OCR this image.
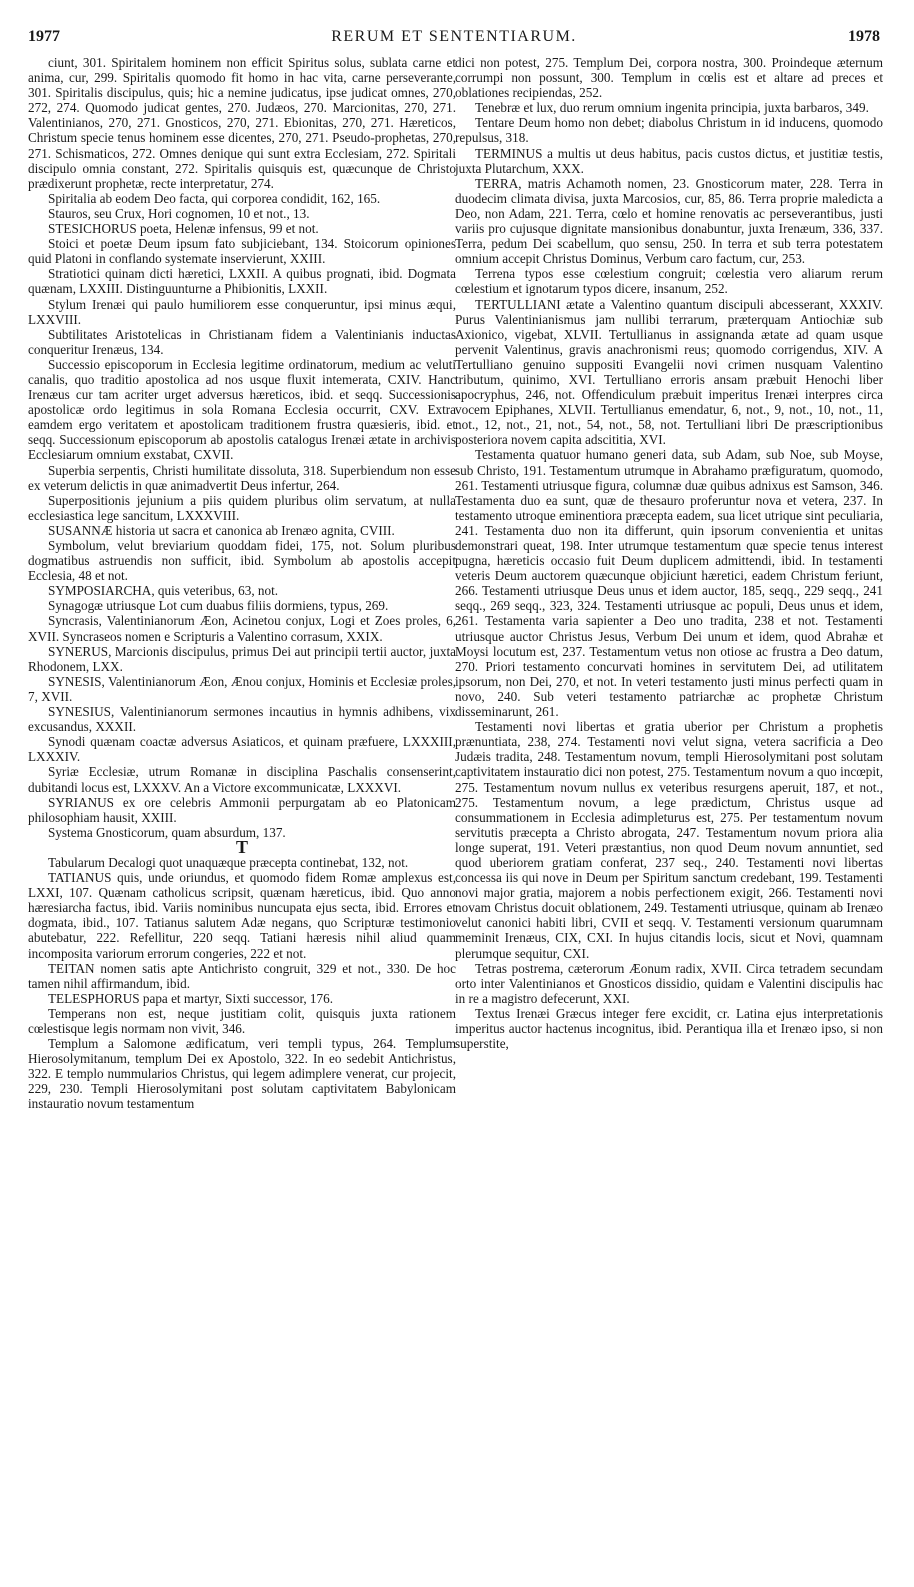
1977	RERUM ET SENTENTIARUM.	1978

ciunt, 301. Spiritalem hominem non efficit Spiritus solus, sublata carne et anima, cur, 299. Spiritalis quomodo fit homo in hac vita, carne perseverante, 301. Spiritalis discipulus, quis; hic a nemine judicatus, ipse judicat omnes, 270, 272, 274. Quomodo judicat gentes, 270. Judæos, 270. Marcionitas, 270, 271. Valentinianos, 270, 271. Gnosticos, 270, 271. Ebionitas, 270, 271. Hæreticos, Christum specie tenus hominem esse dicentes, 270, 271. Pseudo-prophetas, 270, 271. Schismaticos, 272. Omnes denique qui sunt extra Ecclesiam, 272. Spiritali discipulo omnia constant, 272. Spiritalis quisquis est, quæcunque de Christo prædixerunt prophetæ, recte interpretatur, 274.

Spiritalia ab eodem Deo facta, qui corporea condidit, 162, 165.

Stauros, seu Crux, Hori cognomen, 10 et not., 13.

STESICHORUS poeta, Helenæ infensus, 99 et not.

Stoici et poetæ Deum ipsum fato subjiciebant, 134. Stoicorum opiniones quid Platoni in conflando systemate inservierunt, XXIII.

Stratiotici quinam dicti hæretici, LXXII. A quibus prognati, ibid. Dogmata quænam, LXXIII. Distinguunturne a Phibionitis, LXXII.

Stylum Irenæi qui paulo humiliorem esse conqueruntur, ipsi minus æqui, LXXVIII.

Subtilitates Aristotelicas in Christianam fidem a Valentinianis inductas conqueritur Irenæus, 134.

Successio episcoporum in Ecclesia legitime ordinatorum, medium ac veluti canalis, quo traditio apostolica ad nos usque fluxit intemerata, CXIV. Hanc Irenæus cur tam acriter urget adversus hæreticos, ibid. et seqq. Successionis apostolicæ ordo legitimus in sola Romana Ecclesia occurrit, CXV. Extra eamdem ergo veritatem et apostolicam traditionem frustra quæsieris, ibid. et seqq. Successionum episcoporum ab apostolis catalogus Irenæi ætate in archivis Ecclesiarum omnium exstabat, CXVII.

Superbia serpentis, Christi humilitate dissoluta, 318. Superbiendum non esse ex veterum delictis in quæ animadvertit Deus infertur, 264.

Superpositionis jejunium a piis quidem pluribus olim servatum, at nulla ecclesiastica lege sancitum, LXXXVIII.

SUSANNÆ historia ut sacra et canonica ab Irenæo agnita, CVIII.

Symbolum, velut breviarium quoddam fidei, 175, not. Solum pluribus dogmatibus astruendis non sufficit, ibid. Symbolum ab apostolis accepit Ecclesia, 48 et not.

SYMPOSIARCHA, quis veteribus, 63, not.

Synagogæ utriusque Lot cum duabus filiis dormiens, typus, 269.

Syncrasis, Valentinianorum Æon, Acinetou conjux, Logi et Zoes proles, 6, XVII. Syncraseos nomen e Scripturis a Valentino corrasum, XXIX.

SYNERUS, Marcionis discipulus, primus Dei aut principii tertii auctor, juxta Rhodonem, LXX.

SYNESIS, Valentinianorum Æon, Ænou conjux, Hominis et Ecclesiæ proles, 7, XVII.

SYNESIUS, Valentinianorum sermones incautius in hymnis adhibens, vix excusandus, XXXII.

Synodi quænam coactæ adversus Asiaticos, et quinam præfuere, LXXXIII, LXXXIV.

Syriæ Ecclesiæ, utrum Romanæ in disciplina Paschalis consenserint, dubitandi locus est, LXXXV. An a Victore excommunicatæ, LXXXVI.

SYRIANUS ex ore celebris Ammonii perpurgatam ab eo Platonicam philosophiam hausit, XXIII.

Systema Gnosticorum, quam absurdum, 137.

T

Tabularum Decalogi quot unaquæque præcepta continebat, 132, not.

TATIANUS quis, unde oriundus, et quomodo fidem Romæ amplexus est, LXXI, 107. Quænam catholicus scripsit, quænam hæreticus, ibid. Quo anno hæresiarcha factus, ibid. Variis nominibus nuncupata ejus secta, ibid. Errores et dogmata, ibid., 107. Tatianus salutem Adæ negans, quo Scripturæ testimonio abutebatur, 222. Refellitur, 220 seqq. Tatiani hæresis nihil aliud quam incomposita variorum errorum congeries, 222 et not.

TEITAN nomen satis apte Antichristo congruit, 329 et not., 330. De hoc tamen nihil affirmandum, ibid.

TELESPHORUS papa et martyr, Sixti successor, 176.

Temperans non est, neque justitiam colit, quisquis juxta rationem cœlestisque legis normam non vivit, 346.

Templum a Salomone ædificatum, veri templi typus, 264. Templum Hierosolymitanum, templum Dei ex Apostolo, 322. In eo sedebit Antichristus, 322. E templo nummularios Christus, qui legem adimplere venerat, cur projecit, 229, 230. Templi Hierosolymitani post solutam captivitatem Babylonicam instauratio novum testamentum

dici non potest, 275. Templum Dei, corpora nostra, 300. Proindeque æternum corrumpi non possunt, 300. Templum in cœlis est et altare ad preces et oblationes recipiendas, 252.

Tenebræ et lux, duo rerum omnium ingenita principia, juxta barbaros, 349.

Tentare Deum homo non debet; diabolus Christum in id inducens, quomodo repulsus, 318.

TERMINUS a multis ut deus habitus, pacis custos dictus, et justitiæ testis, juxta Plutarchum, XXX.

TERRA, matris Achamoth nomen, 23. Gnosticorum mater, 228. Terra in duodecim climata divisa, juxta Marcosios, cur, 85, 86. Terra proprie maledicta a Deo, non Adam, 221. Terra, cœlo et homine renovatis ac perseverantibus, justi variis pro cujusque dignitate mansionibus donabuntur, juxta Irenæum, 336, 337. Terra, pedum Dei scabellum, quo sensu, 250. In terra et sub terra potestatem omnium accepit Christus Dominus, Verbum caro factum, cur, 253.

Terrena typos esse cœlestium congruit; cœlestia vero aliarum rerum cœlestium et ignotarum typos dicere, insanum, 252.

TERTULLIANI ætate a Valentino quantum discipuli abcesserant, XXXIV. Purus Valentinianismus jam nullibi terrarum, præterquam Antiochiæ sub Axionico, vigebat, XLVII. Tertullianus in assignanda ætate ad quam usque pervenit Valentinus, gravis anachronismi reus; quomodo corrigendus, XIV. A Tertulliano genuino suppositi Evangelii novi crimen nusquam Valentino tributum, quinimo, XVI. Tertulliano erroris ansam præbuit Henochi liber apocryphus, 246, not. Offendiculum præbuit imperitus Irenæi interpres circa vocem Epiphanes, XLVII. Tertullianus emendatur, 6, not., 9, not., 10, not., 11, not., 12, not., 21, not., 54, not., 58, not. Tertulliani libri De præscriptionibus posteriora novem capita adscititia, XVI.

Testamenta quatuor humano generi data, sub Adam, sub Noe, sub Moyse, sub Christo, 191. Testamentum utrumque in Abrahamo præfiguratum, quomodo, 261. Testamenti utriusque figura, columnæ duæ quibus adnixus est Samson, 346. Testamenta duo ea sunt, quæ de thesauro proferuntur nova et vetera, 237. In testamento utroque eminentiora præcepta eadem, sua licet utrique sint peculiaria, 241. Testamenta duo non ita differunt, quin ipsorum convenientia et unitas demonstrari queat, 198. Inter utrumque testamentum quæ specie tenus interest pugna, hæreticis occasio fuit Deum duplicem admittendi, ibid. In testamenti veteris Deum auctorem quæcunque objiciunt hæretici, eadem Christum feriunt, 266. Testamenti utriusque Deus unus et idem auctor, 185, seqq., 229 seqq., 241 seqq., 269 seqq., 323, 324. Testamenti utriusque ac populi, Deus unus et idem, 261. Testamenta varia sapienter a Deo uno tradita, 238 et not. Testamenti utriusque auctor Christus Jesus, Verbum Dei unum et idem, quod Abrahæ et Moysi locutum est, 237. Testamentum vetus non otiose ac frustra a Deo datum, 270. Priori testamento concurvati homines in servitutem Dei, ad utilitatem ipsorum, non Dei, 270, et not. In veteri testamento justi minus perfecti quam in novo, 240. Sub veteri testamento patriarchæ ac prophetæ Christum disseminarunt, 261.

Testamenti novi libertas et gratia uberior per Christum a prophetis prænuntiata, 238, 274. Testamenti novi velut signa, vetera sacrificia a Deo Judæis tradita, 248. Testamentum novum, templi Hierosolymitani post solutam captivitatem instauratio dici non potest, 275. Testamentum novum a quo incœpit, 275. Testamentum novum nullus ex veteribus resurgens aperuit, 187, et not., 275. Testamentum novum, a lege prædictum, Christus usque ad consummationem in Ecclesia adimpleturus est, 275. Per testamentum novum servitutis præcepta a Christo abrogata, 247. Testamentum novum priora alia longe superat, 191. Veteri præstantius, non quod Deum novum annuntiet, sed quod uberiorem gratiam conferat, 237 seq., 240. Testamenti novi libertas concessa iis qui nove in Deum per Spiritum sanctum credebant, 199. Testamenti novi major gratia, majorem a nobis perfectionem exigit, 266. Testamenti novi novam Christus docuit oblationem, 249. Testamenti utriusque, quinam ab Irenæo velut canonici habiti libri, CVII et seqq. V. Testamenti versionum quarumnam meminit Irenæus, CIX, CXI. In hujus citandis locis, sicut et Novi, quamnam plerumque sequitur, CXI.

Tetras postrema, cæterorum Æonum radix, XVII. Circa tetradem secundam orto inter Valentinianos et Gnosticos dissidio, quidam e Valentini discipulis hac in re a magistro defecerunt, XXI.

Textus Irenæi Græcus integer fere excidit, cr. Latina ejus interpretationis imperitus auctor hactenus incognitus, ibid. Perantiqua illa et Irenæo ipso, si non superstite,
